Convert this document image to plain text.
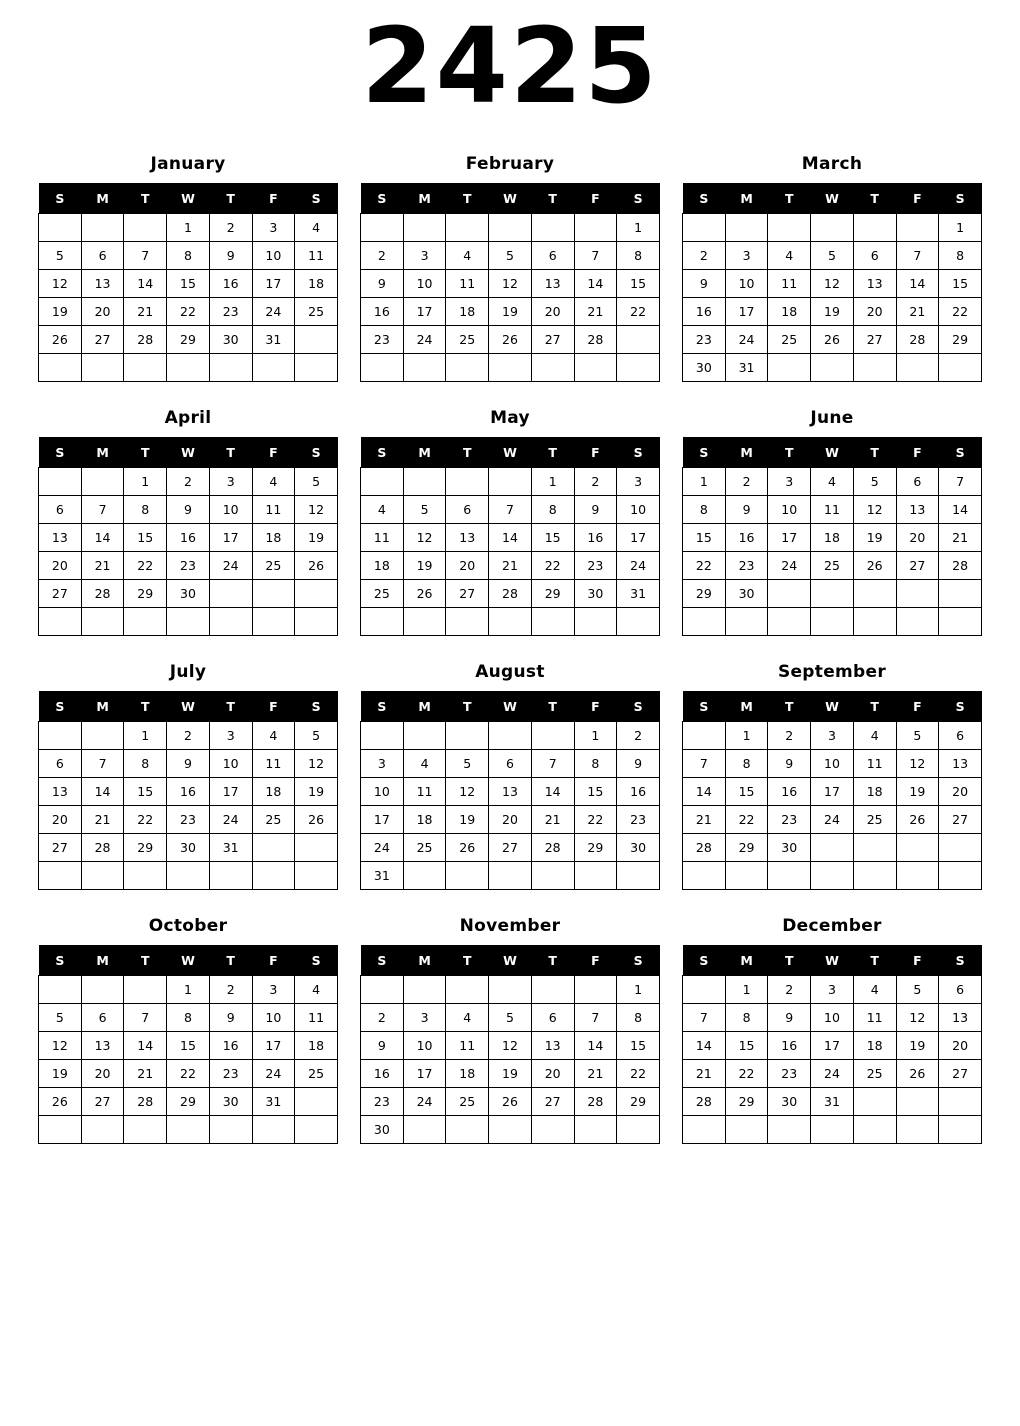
2425
January
S	M	T	W	T	F	S
			1	2	3	4
5	6	7	8	9	10	11
12	13	14	15	16	17	18
19	20	21	22	23	24	25
26	27	28	29	30	31	

February
S	M	T	W	T	F	S
						1
2	3	4	5	6	7	8
9	10	11	12	13	14	15
16	17	18	19	20	21	22
23	24	25	26	27	28	

March
S	M	T	W	T	F	S
						1
2	3	4	5	6	7	8
9	10	11	12	13	14	15
16	17	18	19	20	21	22
23	24	25	26	27	28	29
30	31					
April
S	M	T	W	T	F	S
		1	2	3	4	5
6	7	8	9	10	11	12
13	14	15	16	17	18	19
20	21	22	23	24	25	26
27	28	29	30			

May
S	M	T	W	T	F	S
				1	2	3
4	5	6	7	8	9	10
11	12	13	14	15	16	17
18	19	20	21	22	23	24
25	26	27	28	29	30	31

June
S	M	T	W	T	F	S
1	2	3	4	5	6	7
8	9	10	11	12	13	14
15	16	17	18	19	20	21
22	23	24	25	26	27	28
29	30					

July
S	M	T	W	T	F	S
		1	2	3	4	5
6	7	8	9	10	11	12
13	14	15	16	17	18	19
20	21	22	23	24	25	26
27	28	29	30	31		

August
S	M	T	W	T	F	S
					1	2
3	4	5	6	7	8	9
10	11	12	13	14	15	16
17	18	19	20	21	22	23
24	25	26	27	28	29	30
31						
September
S	M	T	W	T	F	S
	1	2	3	4	5	6
7	8	9	10	11	12	13
14	15	16	17	18	19	20
21	22	23	24	25	26	27
28	29	30				

October
S	M	T	W	T	F	S
			1	2	3	4
5	6	7	8	9	10	11
12	13	14	15	16	17	18
19	20	21	22	23	24	25
26	27	28	29	30	31	

November
S	M	T	W	T	F	S
						1
2	3	4	5	6	7	8
9	10	11	12	13	14	15
16	17	18	19	20	21	22
23	24	25	26	27	28	29
30						
December
S	M	T	W	T	F	S
	1	2	3	4	5	6
7	8	9	10	11	12	13
14	15	16	17	18	19	20
21	22	23	24	25	26	27
28	29	30	31			
